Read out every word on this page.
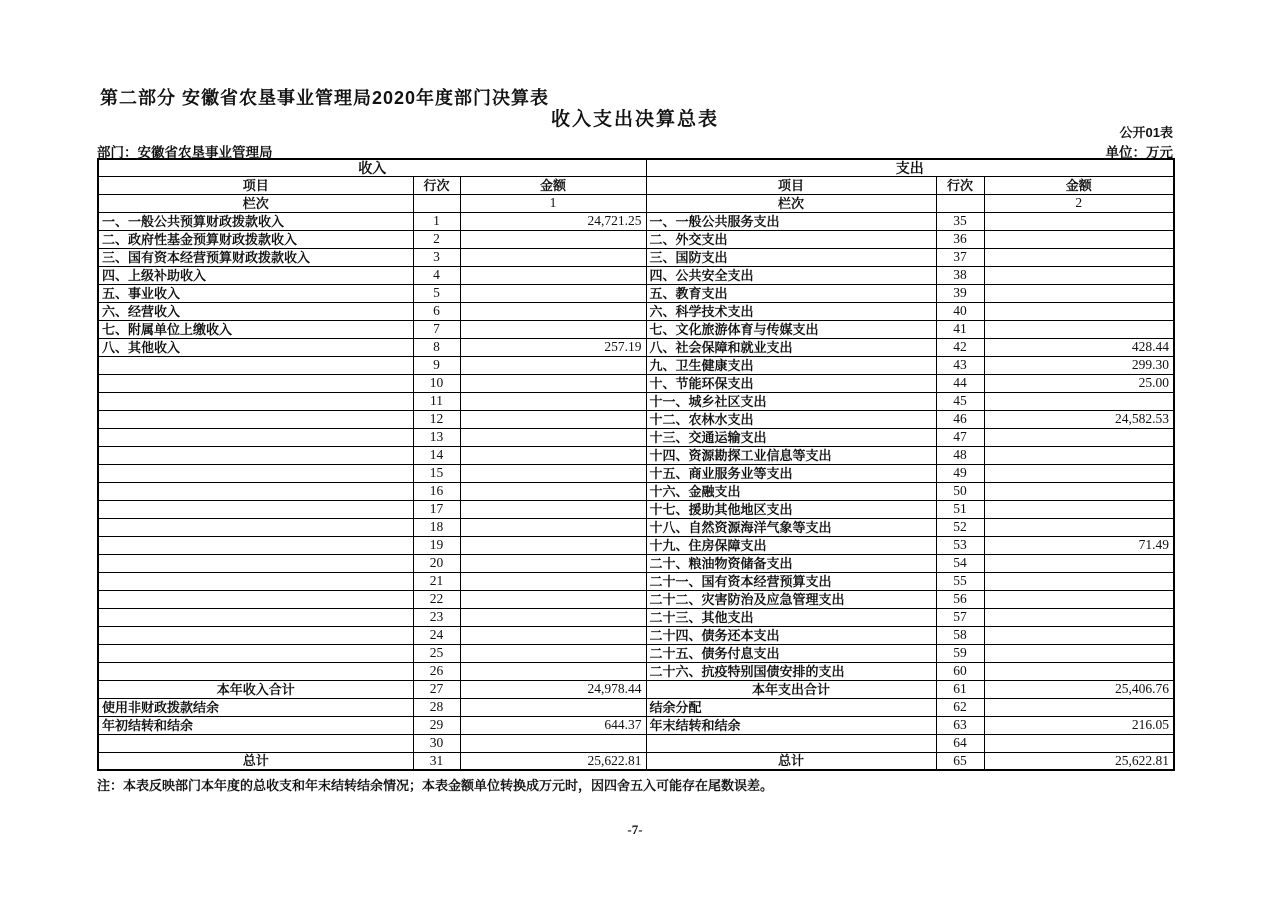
第二部分 安徽省农垦事业管理局2020年度部门决算表
收入支出决算总表
公开01表
部门：安徽省农垦事业管理局	单位：万元
收入			支出		
项目	行次	金额	项目	行次	金额
栏次		1	栏次		2
一、一般公共预算财政拨款收入	1	24,721.25	一、一般公共服务支出	35	
二、政府性基金预算财政拨款收入	2		二、外交支出	36	
三、国有资本经营预算财政拨款收入	3		三、国防支出	37	
四、上级补助收入	4		四、公共安全支出	38	
五、事业收入	5		五、教育支出	39	
六、经营收入	6		六、科学技术支出	40	
七、附属单位上缴收入	7		七、文化旅游体育与传媒支出	41	
八、其他收入	8	257.19	八、社会保障和就业支出	42	428.44
	9		九、卫生健康支出	43	299.30
	10		十、节能环保支出	44	25.00
	11		十一、城乡社区支出	45	
	12		十二、农林水支出	46	24,582.53
	13		十三、交通运输支出	47	
	14		十四、资源勘探工业信息等支出	48	
	15		十五、商业服务业等支出	49	
	16		十六、金融支出	50	
	17		十七、援助其他地区支出	51	
	18		十八、自然资源海洋气象等支出	52	
	19		十九、住房保障支出	53	71.49
	20		二十、粮油物资储备支出	54	
	21		二十一、国有资本经营预算支出	55	
	22		二十二、灾害防治及应急管理支出	56	
	23		二十三、其他支出	57	
	24		二十四、债务还本支出	58	
	25		二十五、债务付息支出	59	
	26		二十六、抗疫特别国债安排的支出	60	
本年收入合计	27	24,978.44	本年支出合计	61	25,406.76
使用非财政拨款结余	28		结余分配	62	
年初结转和结余	29	644.37	年末结转和结余	63	216.05
	30			64	
总计	31	25,622.81	总计	65	25,622.81
注：本表反映部门本年度的总收支和年末结转结余情况；本表金额单位转换成万元时，因四舍五入可能存在尾数误差。
-7-
